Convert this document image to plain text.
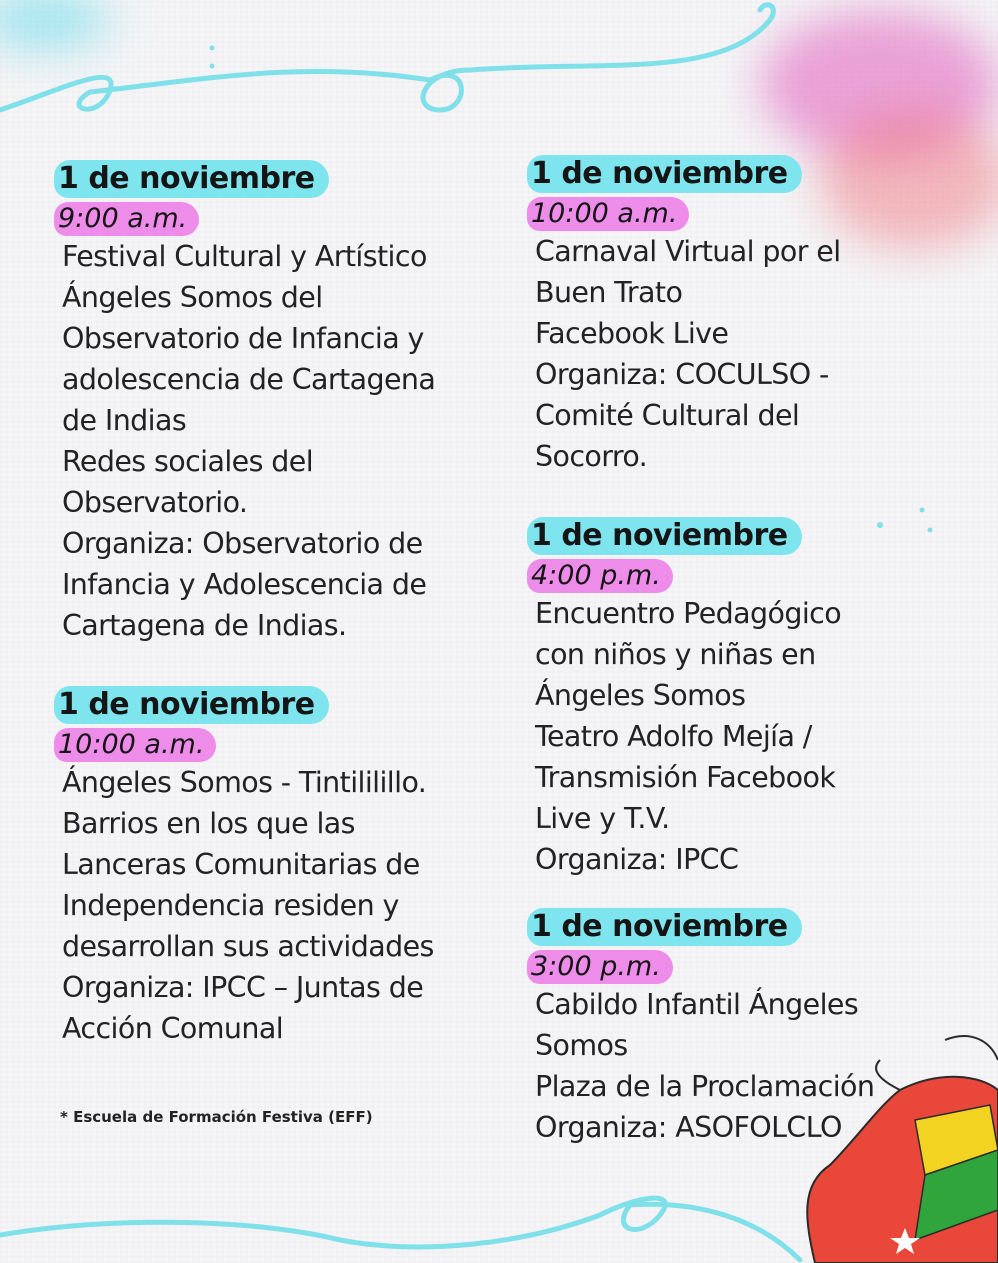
1 de noviembre
9:00 a.m.
Festival Cultural y Artístico
Ángeles Somos del
Observatorio de Infancia y
adolescencia de Cartagena
de Indias
Redes sociales del
Observatorio.
Organiza: Observatorio de
Infancia y Adolescencia de
Cartagena de Indias.
1 de noviembre
10:00 a.m.
Ángeles Somos - Tintililillo.
Barrios en los que las
Lanceras Comunitarias de
Independencia residen y
desarrollan sus actividades
Organiza: IPCC – Juntas de
Acción Comunal
1 de noviembre
10:00 a.m.
Carnaval Virtual por el
Buen Trato
Facebook Live
Organiza: COCULSO -
Comité Cultural del
Socorro.
1 de noviembre
4:00 p.m.
Encuentro Pedagógico
con niños y niñas en
Ángeles Somos
Teatro Adolfo Mejía /
Transmisión Facebook
Live y T.V.
Organiza: IPCC
1 de noviembre
3:00 p.m.
Cabildo Infantil Ángeles
Somos
Plaza de la Proclamación
Organiza: ASOFOLCLO
* Escuela de Formación Festiva (EFF)
